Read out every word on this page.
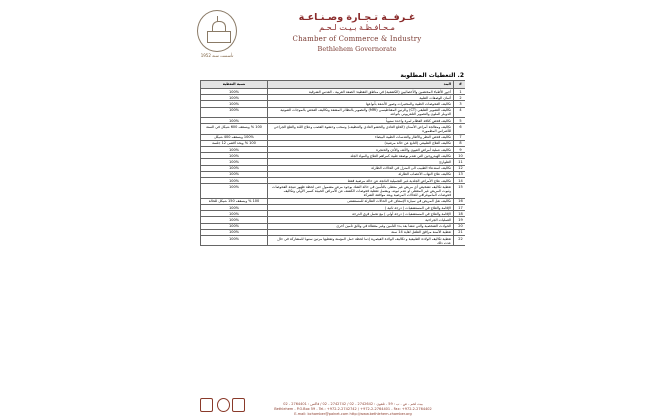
تأسست سنة 1952
غـرفــة تـجـارة وصـنـاعـة
مـحـافـظـة بـيـت لـحـم
Chamber of Commerce & Industry
Bethlehem Governorate
2. التغطيات المطلوبة
نسبة التغطية	البند	#
100%	أجور الأطباء المختصين والأخصائيين (الكشفية) في مناطق التغطية: الضفة الغربية - القدس الشرقية	1
100%	أثمان الوصفات الطبية	2
100%	تكاليف الفحوصات الطبية والمختبرات وصور الأشعة بأنواعها	3
100%	تكاليف التصوير الطبقي (CT) والرنين المغناطيسي (MRI) والتصوير بالنظائر المشعة وتكاليف الفحص بالموجات الصوتية الدوبلر الملون والتصوير التلفزيوني بأنواعه	4
100%	تكاليف فحص كثافة العظام لمرة واحدة سنوياً	5
100 % وبسقف 600 شيكل في السنة	تكاليف ومعالجة أمراض الأسنان (الخلع العادي والحشو العادي والتنظيف) وسحب وحشوة العصب وعلاج اللثة والقلع الجراحي للأضراس المطمورة	6
100% وبسقف 400 شيكل	تكاليف فحص النظر والأطار والعدسات الطبية البيضاء	7
100 % وبحد أقصى 12 جلسة	تكاليف العلاج الطبيعي (التابع عن حالة مرضية)	8
100%	تكاليف عملية أمراض العيون والأنف والأذن والحنجرة	9
100%	تكاليف الهيدروجين التي تقدم بوصفة طبية كمراهم العلاج والمواد الجلد	10
100%	الطوارئ	11
100%	تكاليف استدعاء الطبيب الى المنزل في الحالات الطارئة	12
100%	تكاليف علاج التهاب الأعصاب الطارئة	13
100%	تكاليف علاج الأمراض الجلدية غير التجميلية الناتجة عن حالة مرضية فقط	14
100%	تغطية تكاليف تشخيص أي مريض غير معطى بالتأمين في حالة الشك بوجود مرض مشمول حتى لحظة ظهور نتيجة الفحوصات وثبوت المريض غير المغطى او عدم ثبوته. ويشمل تغطية فحوصات الكشف عن الأمراض الخبيثة كسبر الأولي وتكاليف فحوصات الماموغرافي للحالات المرضية وبعد موافقة الشركة	15
100 % وبسقف 150 شيكل للحالة	تكاليف نقل المريض في سيارة الإسعاف في الحالات الطارئة للمستشفى	16
100%	الإقامة والعلاج في المستشفيات ( درجة ثانية )	17
100%	الإقامة والعلاج في المستشفيات ( درجة أولى ) مع تحمل فرق الدرجة	18
100%	العمليات الجراحية	19
100%	الحوادث الشخصية والتي تنشأ بعد بدء التأمين وغير مغطاة في وثائق تأمين أخرى	20
100%	تغطية الأسنة مرافق الطفل لغاية 14 سنة	21
100%	تغطية تكاليف الولادة الطبيعية و تكاليف الولادة القيصرية إذما لحظة حمل المؤمنة وتعطيها مرتين سنويا للمشاركة في حال عدت ذلك	22
بيت لحم - ص . ب : 59 - تلفون : 2742642 - 02 / 2742742 - 02 / فاكس : 2764401 - 02
Bethlehem - P.O.Box 59 - Tel.: +972-2-2742742 / +972-2-2764401 - Fax: +972-2-2764402
E-mail: bchamber@palnet.com http://www.bethlehem-chamber.org
